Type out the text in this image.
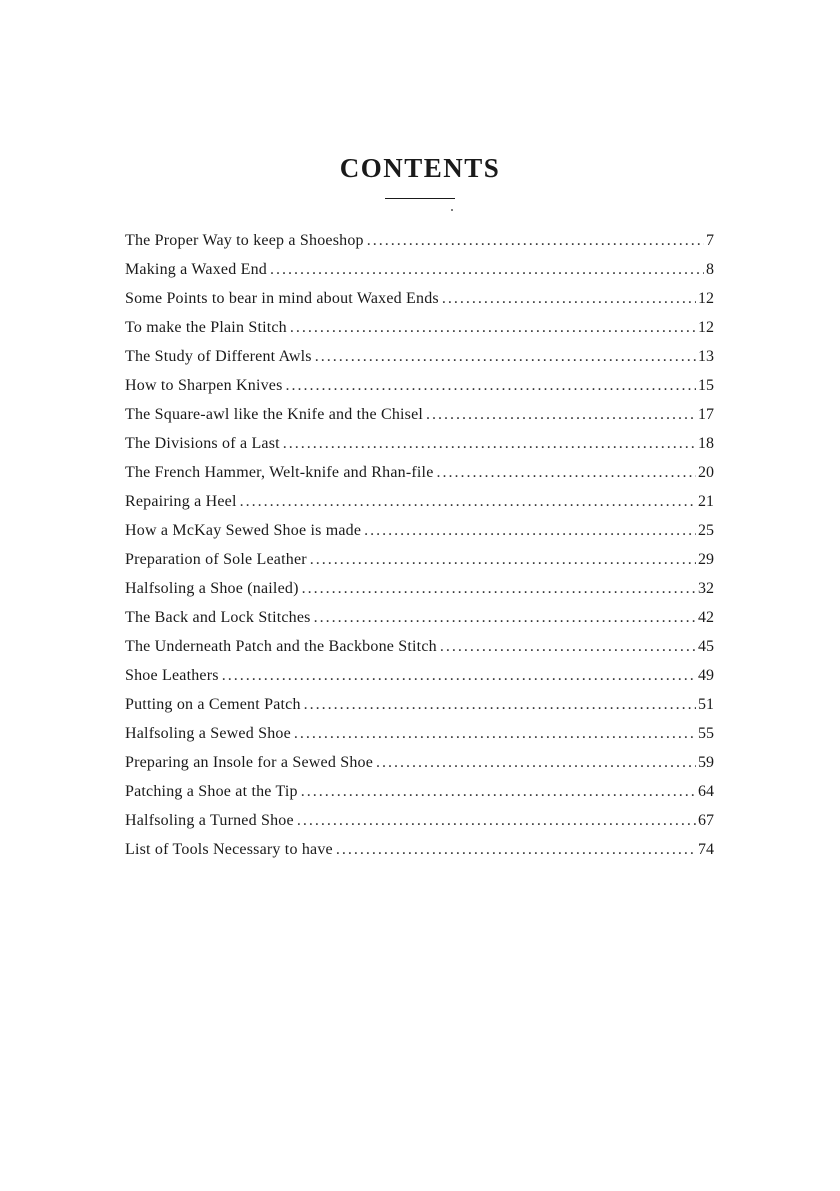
CONTENTS
The Proper Way to keep a Shoeshop . . .	7
Making a Waxed End . . .	8
Some Points to bear in mind about Waxed Ends . . .	12
To make the Plain Stitch . . .	12
The Study of Different Awls . . .	13
How to Sharpen Knives . . .	15
The Square-awl like the Knife and the Chisel . . .	17
The Divisions of a Last . . .	18
The French Hammer, Welt-knife and Rhan-file . . .	20
Repairing a Heel . . .	21
How a McKay Sewed Shoe is made . . .	25
Preparation of Sole Leather . . .	29
Halfsoling a Shoe (nailed) . . .	32
The Back and Lock Stitches . . .	42
The Underneath Patch and the Backbone Stitch . . .	45
Shoe Leathers . . .	49
Putting on a Cement Patch . . .	51
Halfsoling a Sewed Shoe . . .	55
Preparing an Insole for a Sewed Shoe . . .	59
Patching a Shoe at the Tip . . .	64
Halfsoling a Turned Shoe . . .	67
List of Tools Necessary to have . . .	74
